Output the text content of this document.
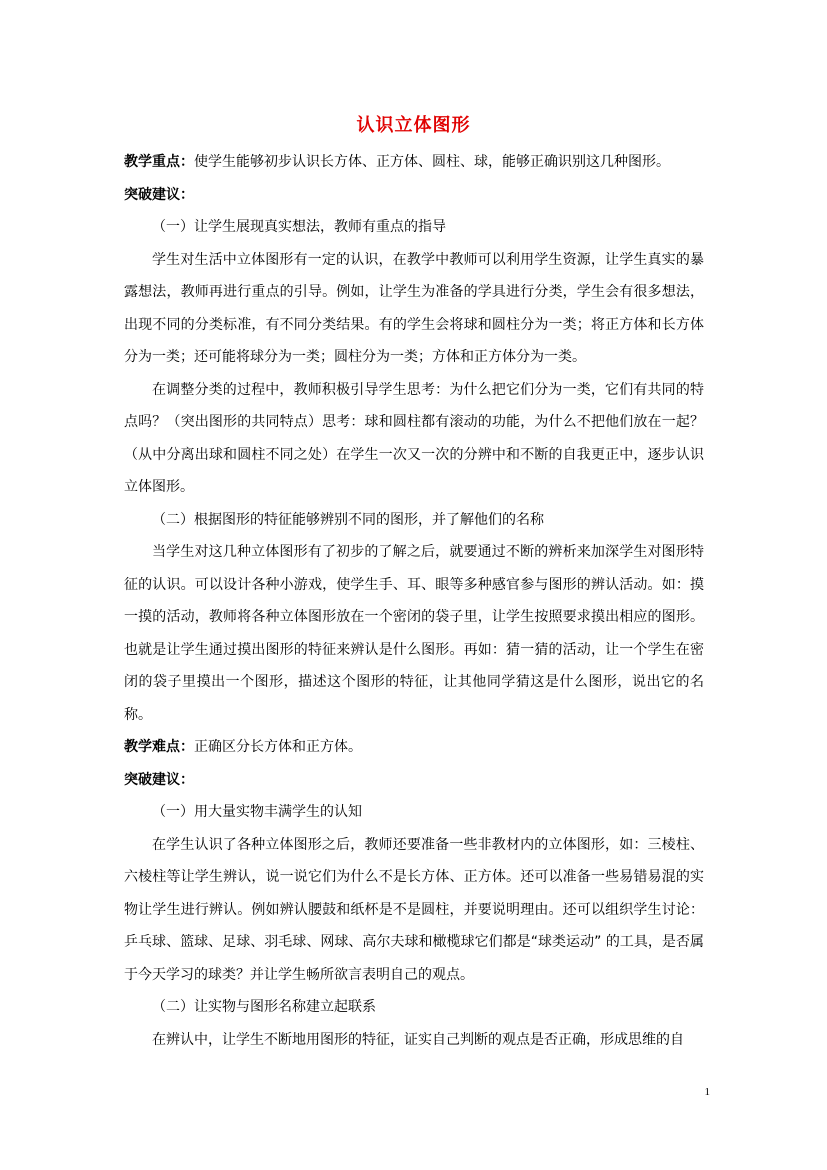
认识立体图形

教学重点：使学生能够初步认识长方体、正方体、圆柱、球，能够正确识别这几种图形。

突破建议：

（一）让学生展现真实想法，教师有重点的指导

学生对生活中立体图形有一定的认识，在教学中教师可以利用学生资源，让学生真实的暴露想法，教师再进行重点的引导。例如，让学生为准备的学具进行分类，学生会有很多想法，出现不同的分类标准，有不同分类结果。有的学生会将球和圆柱分为一类；将正方体和长方体分为一类；还可能将球分为一类；圆柱分为一类；方体和正方体分为一类。

在调整分类的过程中，教师积极引导学生思考：为什么把它们分为一类，它们有共同的特点吗？（突出图形的共同特点）思考：球和圆柱都有滚动的功能，为什么不把他们放在一起？（从中分离出球和圆柱不同之处）在学生一次又一次的分辨中和不断的自我更正中，逐步认识立体图形。

（二）根据图形的特征能够辨别不同的图形，并了解他们的名称

当学生对这几种立体图形有了初步的了解之后，就要通过不断的辨析来加深学生对图形特征的认识。可以设计各种小游戏，使学生手、耳、眼等多种感官参与图形的辨认活动。如：摸一摸的活动，教师将各种立体图形放在一个密闭的袋子里，让学生按照要求摸出相应的图形。也就是让学生通过摸出图形的特征来辨认是什么图形。再如：猜一猜的活动，让一个学生在密闭的袋子里摸出一个图形，描述这个图形的特征，让其他同学猜这是什么图形，说出它的名称。

教学难点：正确区分长方体和正方体。

突破建议：

（一）用大量实物丰满学生的认知

在学生认识了各种立体图形之后，教师还要准备一些非教材内的立体图形，如：三棱柱、六棱柱等让学生辨认，说一说它们为什么不是长方体、正方体。还可以准备一些易错易混的实物让学生进行辨认。例如辨认腰鼓和纸杯是不是圆柱，并要说明理由。还可以组织学生讨论：乒乓球、篮球、足球、羽毛球、网球、高尔夫球和橄榄球它们都是“球类运动” 的工具，是否属于今天学习的球类？并让学生畅所欲言表明自己的观点。

（二）让实物与图形名称建立起联系

在辨认中，让学生不断地用图形的特征，证实自己判断的观点是否正确，形成思维的自

1
